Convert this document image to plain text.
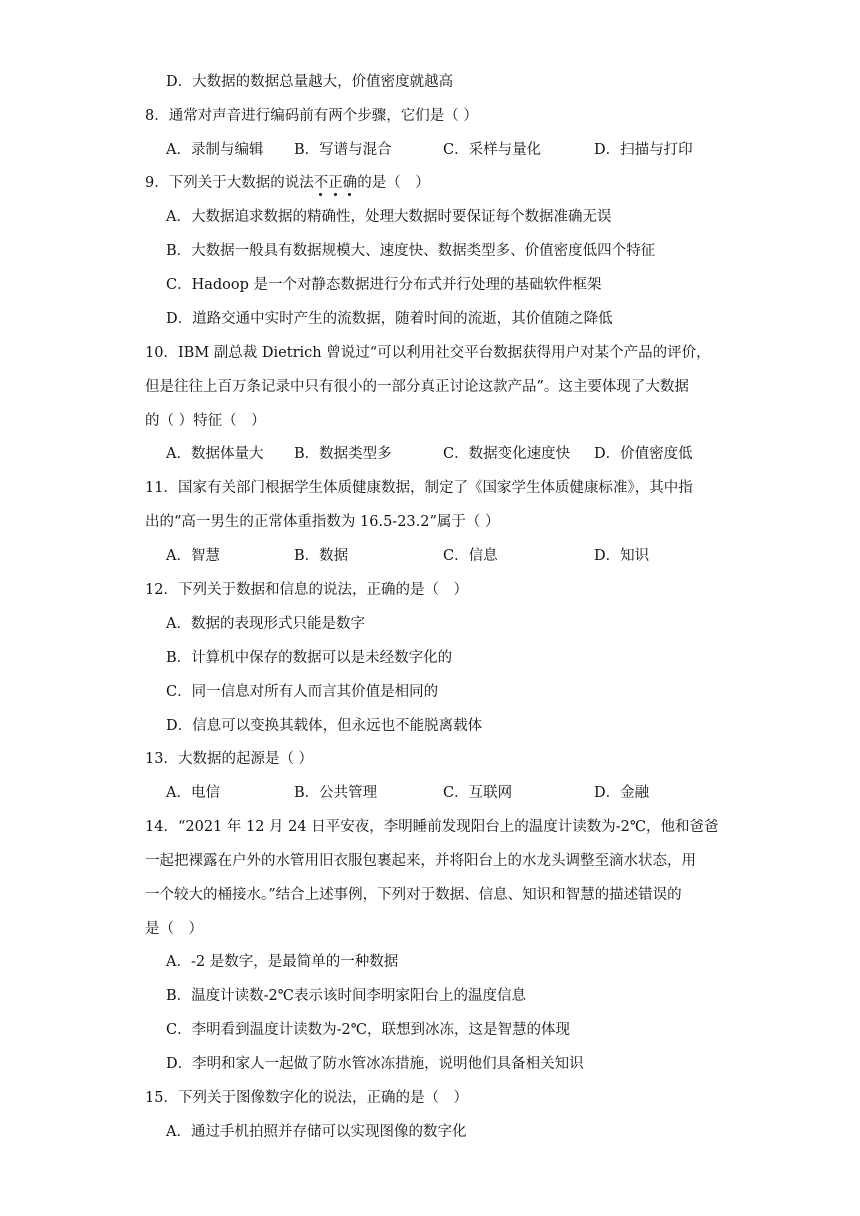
D．大数据的数据总量越大，价值密度就越高
8．通常对声音进行编码前有两个步骤，它们是（ ）
A．录制与编辑 B．写谱与混合	C．采样与量化	D．扫描与打印
9．下列关于大数据的说法不正确的是（　）
A．大数据追求数据的精确性，处理大数据时要保证每个数据准确无误
B．大数据一般具有数据规模大、速度快、数据类型多、价值密度低四个特征
C．Hadoop 是一个对静态数据进行分布式并行处理的基础软件框架
D．道路交通中实时产生的流数据，随着时间的流逝，其价值随之降低
10．IBM 副总裁 Dietrich 曾说过“可以利用社交平台数据获得用户对某个产品的评价，
但是往往上百万条记录中只有很小的一部分真正讨论这款产品”。这主要体现了大数据
的（ ）特征（　）
A．数据体量大 B．数据类型多	C．数据变化速度快 D．价值密度低
11．国家有关部门根据学生体质健康数据，制定了《国家学生体质健康标准》，其中指
出的“高一男生的正常体重指数为 16.5-23.2”属于（ ）
A．智慧	B．数据	C．信息	D．知识
12．下列关于数据和信息的说法，正确的是（　）
A．数据的表现形式只能是数字
B．计算机中保存的数据可以是未经数字化的
C．同一信息对所有人而言其价值是相同的
D．信息可以变换其载体，但永远也不能脱离载体
13．大数据的起源是（ ）
A．电信	B．公共管理	C．互联网	D．金融
14．“2021 年 12 月 24 日平安夜，李明睡前发现阳台上的温度计读数为-2℃，他和爸爸
一起把裸露在户外的水管用旧衣服包裹起来，并将阳台上的水龙头调整至滴水状态，用
一个较大的桶接水。”结合上述事例，下列对于数据、信息、知识和智慧的描述错误的
是（　）
A．-2 是数字，是最简单的一种数据
B．温度计读数-2℃表示该时间李明家阳台上的温度信息
C．李明看到温度计读数为-2℃，联想到冰冻，这是智慧的体现
D．李明和家人一起做了防水管冰冻措施，说明他们具备相关知识
15．下列关于图像数字化的说法，正确的是（　）
A．通过手机拍照并存储可以实现图像的数字化
